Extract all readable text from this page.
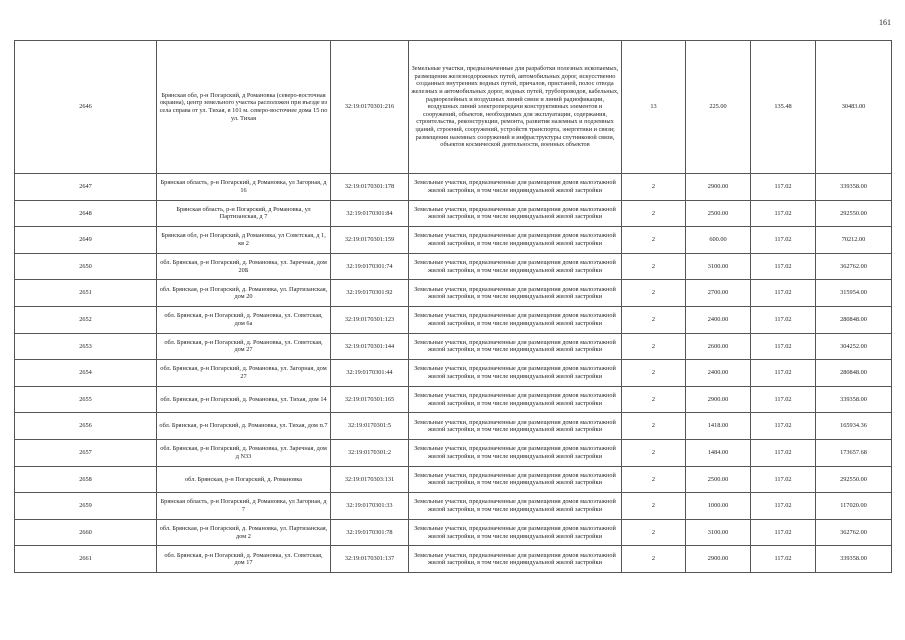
161
2646	Брянская обл, р-н Погарский, д Романовка (северо-восточная окраина), центр земельного участка расположен при въезде из села справа от ул. Тихая, в 101 м. северо-восточнее дома 15 по ул. Тихая	32:19:0170301:216	Земельные участки, предназначенные для разработки полезных ископаемых, размещения железнодорожных путей, автомобильных дорог, искусственно созданных внутренних водных путей, причалов, пристаней, полос отвода железных и автомобильных дорог, водных путей, трубопроводов, кабельных, радиорелейных и воздушных линий связи и линий радиофикации, воздушных линий электропередачи конструктивных элементов и сооружений, объектов, необходимых для эксплуатации, содержания, строительства, реконструкции, ремонта, развития наземных и подземных зданий, строений, сооружений, устройств транспорта, энергетики и связи; размещения наземных сооружений и инфраструктуры спутниковой связи, объектов космической деятельности, военных объектов	13	225.00	135.48	30483.00
2647	Брянская область, р-н Погарский, д Романовка, ул Загорная, д 16	32:19:0170301:178	Земельные участки, предназначенные для размещения домов малоэтажной жилой застройки, в том числе индивидуальной жилой застройки	2	2900.00	117.02	339358.00
2648	Брянская область, р-н Погарский, д Романовка, ул Партизанская, д 7	32:19:0170301:84	Земельные участки, предназначенные для размещения домов малоэтажной жилой застройки, в том числе индивидуальной жилой застройки	2	2500.00	117.02	292550.00
2649	Брянская обл, р-н Погарский, д Романовка, ул Советская, д 1, кв 2	32:19:0170301:159	Земельные участки, предназначенные для размещения домов малоэтажной жилой застройки, в том числе индивидуальной жилой застройки	2	600.00	117.02	70212.00
2650	обл. Брянская, р-н Погарский, д. Романовка, ул. Заречная, дом 20Б	32:19:0170301:74	Земельные участки, предназначенные для размещения домов малоэтажной жилой застройки, в том числе индивидуальной жилой застройки	2	3100.00	117.02	362762.00
2651	обл. Брянская, р-н Погарский, д. Романовка, ул. Партизанская, дом 20	32:19:0170301:92	Земельные участки, предназначенные для размещения домов малоэтажной жилой застройки, в том числе индивидуальной жилой застройки	2	2700.00	117.02	315954.00
2652	обл. Брянская, р-н Погарский, д. Романовка, ул. Советская, дом 6а	32:19:0170301:123	Земельные участки, предназначенные для размещения домов малоэтажной жилой застройки, в том числе индивидуальной жилой застройки	2	2400.00	117.02	280848.00
2653	обл. Брянская, р-н Погарский, д. Романовка, ул. Советская, дом 27	32:19:0170301:144	Земельные участки, предназначенные для размещения домов малоэтажной жилой застройки, в том числе индивидуальной жилой застройки	2	2600.00	117.02	304252.00
2654	обл. Брянская, р-н Погарский, д. Романовка, ул. Загорная, дом 27	32:19:0170301:44	Земельные участки, предназначенные для размещения домов малоэтажной жилой застройки, в том числе индивидуальной жилой застройки	2	2400.00	117.02	280848.00
2655	обл. Брянская, р-н Погарский, д. Романовка, ул. Тихая, дом 14	32:19:0170301:165	Земельные участки, предназначенные для размещения домов малоэтажной жилой застройки, в том числе индивидуальной жилой застройки	2	2900.00	117.02	339358.00
2656	обл. Брянская, р-н Погарский, д. Романовка, ул. Тихая, дом п.7	32:19:0170301:5	Земельные участки, предназначенные для размещения домов малоэтажной жилой застройки, в том числе индивидуальной жилой застройки	2	1418.00	117.02	165934.36
2657	обл. Брянская, р-н Погарский, д. Романовка, ул. Заречная, дом д N33	32:19:0170301:2	Земельные участки, предназначенные для размещения домов малоэтажной жилой застройки, в том числе индивидуальной жилой застройки	2	1484.00	117.02	173657.68
2658	обл. Брянская, р-н Погарский, д. Романовка	32:19:0170303:131	Земельные участки, предназначенные для размещения домов малоэтажной жилой застройки, в том числе индивидуальной жилой застройки	2	2500.00	117.02	292550.00
2659	Брянская область, р-н Погарский, д Романовка, ул Загорная, д 7	32:19:0170301:33	Земельные участки, предназначенные для размещения домов малоэтажной жилой застройки, в том числе индивидуальной жилой застройки	2	1000.00	117.02	117020.00
2660	обл. Брянская, р-н Погарский, д. Романовка, ул. Партизанская, дом 2	32:19:0170301:78	Земельные участки, предназначенные для размещения домов малоэтажной жилой застройки, в том числе индивидуальной жилой застройки	2	3100.00	117.02	362762.00
2661	обл. Брянская, р-н Погарский, д. Романовка, ул. Советская, дом 17	32:19:0170301:137	Земельные участки, предназначенные для размещения домов малоэтажной жилой застройки, в том числе индивидуальной жилой застройки	2	2900.00	117.02	339358.00
